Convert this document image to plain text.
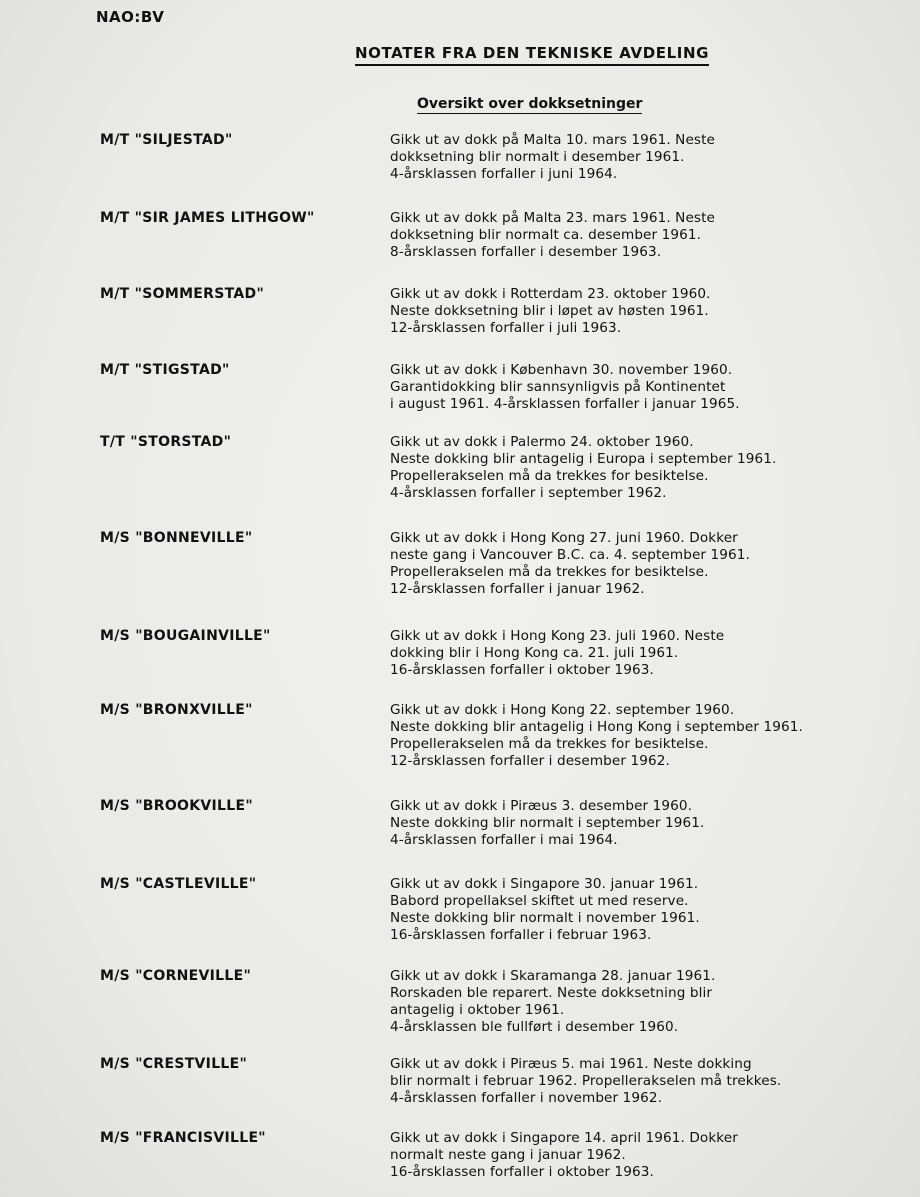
NAO:BV
NOTATER FRA DEN TEKNISKE AVDELING
Oversikt over dokksetninger
M/T "SILJESTAD"	Gikk ut av dokk på Malta 10. mars 1961. Neste
dokksetning blir normalt i desember 1961.
4-årsklassen forfaller i juni 1964.
M/T "SIR JAMES LITHGOW"	Gikk ut av dokk på Malta 23. mars 1961. Neste
dokksetning blir normalt ca. desember 1961.
8-årsklassen forfaller i desember 1963.
M/T "SOMMERSTAD"	Gikk ut av dokk i Rotterdam 23. oktober 1960.
Neste dokksetning blir i løpet av høsten 1961.
12-årsklassen forfaller i juli 1963.
M/T "STIGSTAD"	Gikk ut av dokk i København 30. november 1960.
Garantidokking blir sannsynligvis på Kontinentet
i august 1961. 4-årsklassen forfaller i januar 1965.
T/T "STORSTAD"	Gikk ut av dokk i Palermo 24. oktober 1960.
Neste dokking blir antagelig i Europa i september 1961.
Propellerakselen må da trekkes for besiktelse.
4-årsklassen forfaller i september 1962.
M/S "BONNEVILLE"	Gikk ut av dokk i Hong Kong 27. juni 1960. Dokker
neste gang i Vancouver B.C. ca. 4. september 1961.
Propellerakselen må da trekkes for besiktelse.
12-årsklassen forfaller i januar 1962.
M/S "BOUGAINVILLE"	Gikk ut av dokk i Hong Kong 23. juli 1960. Neste
dokking blir i Hong Kong ca. 21. juli 1961.
16-årsklassen forfaller i oktober 1963.
M/S "BRONXVILLE"	Gikk ut av dokk i Hong Kong 22. september 1960.
Neste dokking blir antagelig i Hong Kong i september 1961.
Propellerakselen må da trekkes for besiktelse.
12-årsklassen forfaller i desember 1962.
M/S "BROOKVILLE"	Gikk ut av dokk i Piræus 3. desember 1960.
Neste dokking blir normalt i september 1961.
4-årsklassen forfaller i mai 1964.
M/S "CASTLEVILLE"	Gikk ut av dokk i Singapore 30. januar 1961.
Babord propellaksel skiftet ut med reserve.
Neste dokking blir normalt i november 1961.
16-årsklassen forfaller i februar 1963.
M/S "CORNEVILLE"	Gikk ut av dokk i Skaramanga 28. januar 1961.
Rorskaden ble reparert. Neste dokksetning blir
antagelig i oktober 1961.
4-årsklassen ble fullført i desember 1960.
M/S "CRESTVILLE"	Gikk ut av dokk i Piræus 5. mai 1961. Neste dokking
blir normalt i februar 1962. Propellerakselen må trekkes.
4-årsklassen forfaller i november 1962.
M/S "FRANCISVILLE"	Gikk ut av dokk i Singapore 14. april 1961. Dokker
normalt neste gang i januar 1962.
16-årsklassen forfaller i oktober 1963.
